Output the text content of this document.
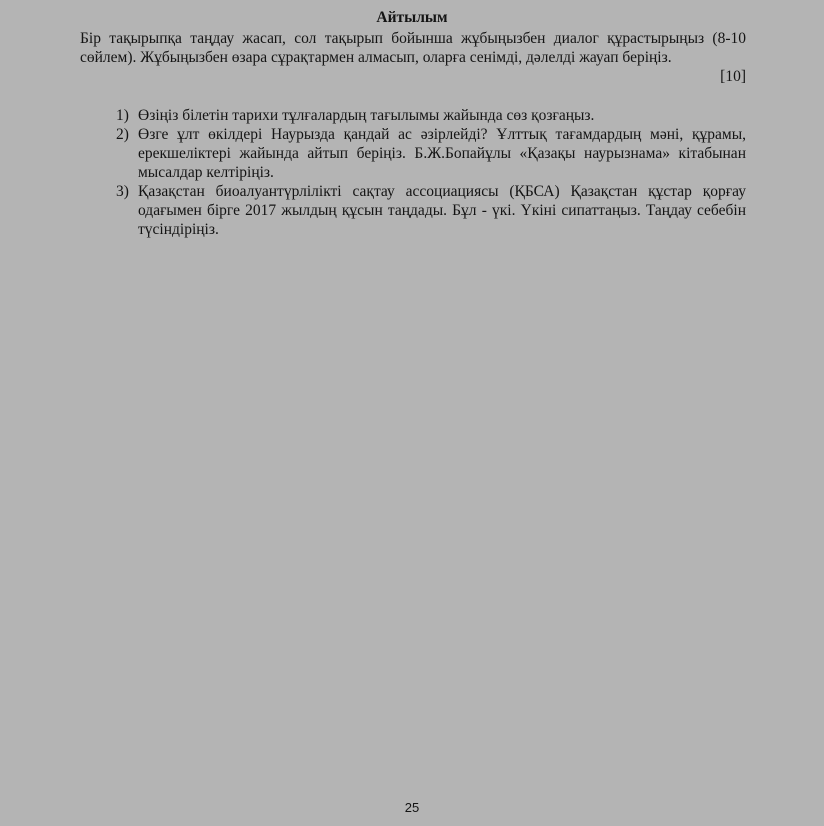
Айтылым
Бір тақырыпқа таңдау жасап, сол тақырып бойынша жұбыңызбен диалог құрастырыңыз (8-10 сөйлем). Жұбыңызбен өзара сұрақтармен алмасып, оларға сенімді, дәлелді жауап беріңіз.
[10]
1) Өзіңіз білетін тарихи тұлғалардың тағылымы жайында сөз қозғаңыз.
2) Өзге ұлт өкілдері Наурызда қандай ас әзірлейді? Ұлттық тағамдардың мәні, құрамы, ерекшеліктері жайында айтып беріңіз. Б.Ж.Бопайұлы «Қазақы наурызнама» кітабынан мысалдар келтіріңіз.
3) Қазақстан биоалуантүрлілікті сақтау ассоциациясы (ҚБСА) Қазақстан құстар қорғау одағымен бірге 2017 жылдың құсын таңдады. Бұл - үкі. Үкіні сипаттаңыз. Таңдау себебін түсіндіріңіз.
25
